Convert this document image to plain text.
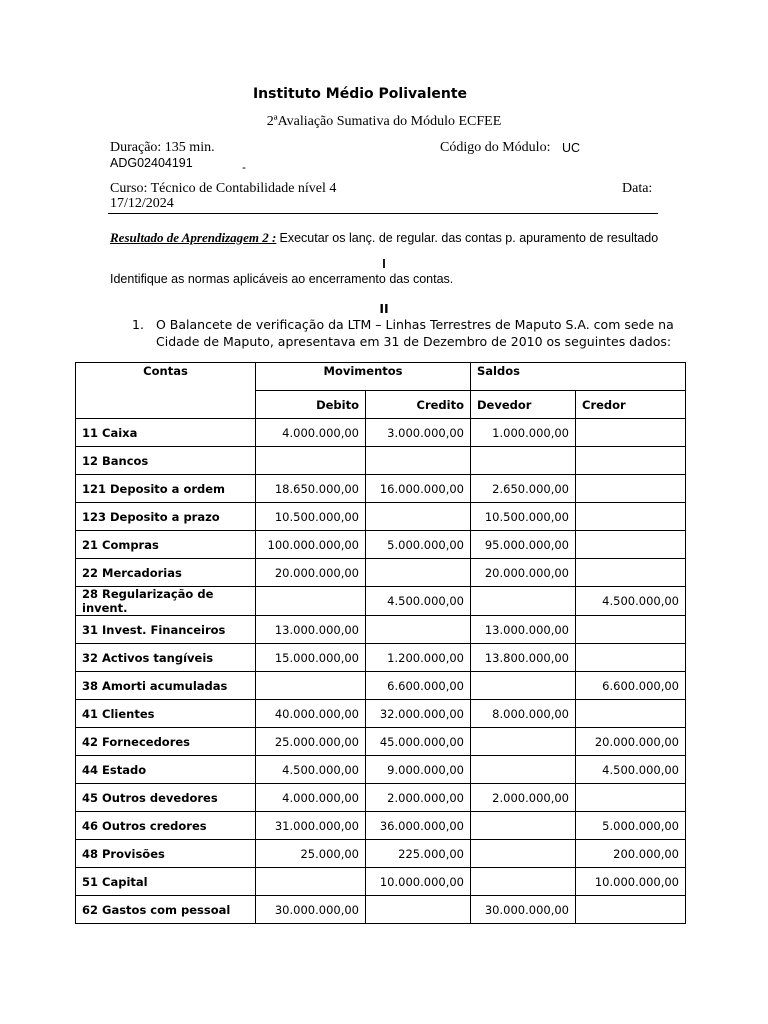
Instituto Médio Polivalente
2ªAvaliação Sumativa do Módulo ECFEE
Duração: 135 min.	Código do Módulo: UC
ADG02404191	-
Curso: Técnico de Contabilidade nível 4	Data:
17/12/2024
Resultado de Aprendizagem 2 : Executar os lanç. de regular. das contas p. apuramento de resultado
I
Identifique as normas aplicáveis ao encerramento das contas.
II
1. O Balancete de verificação da LTM – Linhas Terrestres de Maputo S.A. com sede na
Cidade de Maputo, apresentava em 31 de Dezembro de 2010 os seguintes dados:
Contas	Movimentos		Saldos	
	Debito	Credito	Devedor	Credor
11 Caixa	4.000.000,00	3.000.000,00	1.000.000,00	
12 Bancos				
121 Deposito a ordem	18.650.000,00	16.000.000,00	2.650.000,00	
123 Deposito a prazo	10.500.000,00		10.500.000,00	
21 Compras	100.000.000,00	5.000.000,00	95.000.000,00	
22 Mercadorias	20.000.000,00		20.000.000,00	
28 Regularização de invent.		4.500.000,00		4.500.000,00
31 Invest. Financeiros	13.000.000,00		13.000.000,00	
32 Activos tangíveis	15.000.000,00	1.200.000,00	13.800.000,00	
38 Amorti acumuladas		6.600.000,00		6.600.000,00
41 Clientes	40.000.000,00	32.000.000,00	8.000.000,00	
42 Fornecedores	25.000.000,00	45.000.000,00		20.000.000,00
44 Estado	4.500.000,00	9.000.000,00		4.500.000,00
45 Outros devedores	4.000.000,00	2.000.000,00	2.000.000,00	
46 Outros credores	31.000.000,00	36.000.000,00		5.000.000,00
48 Provisões	25.000,00	225.000,00		200.000,00
51 Capital		10.000.000,00		10.000.000,00
62 Gastos com pessoal	30.000.000,00		30.000.000,00	
